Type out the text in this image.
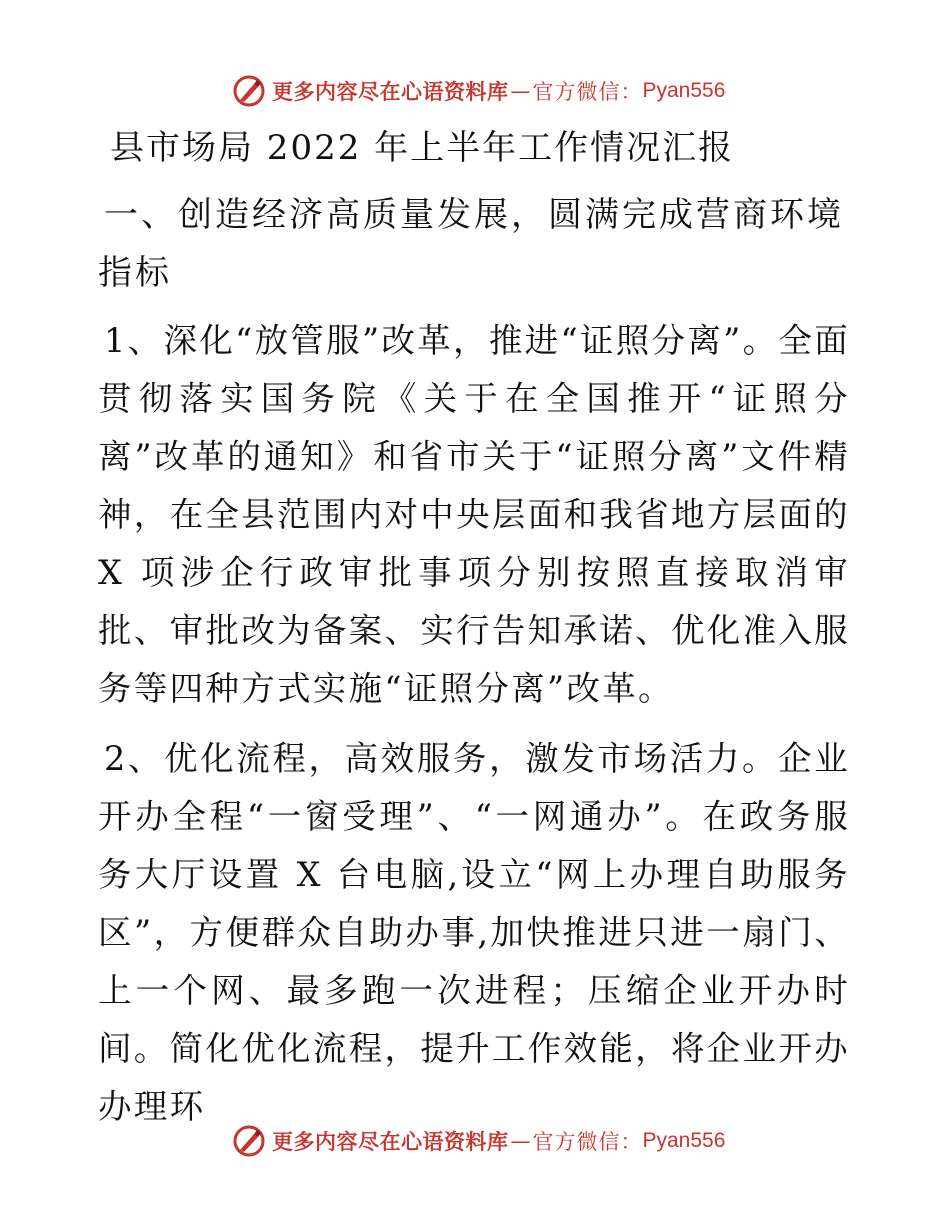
更多内容尽在心语资料库 — 官方微信： Pyan556
县市场局 2022 年上半年工作情况汇报
一、创造经济高质量发展，圆满完成营商环境指标

1、深化“放管服”改革，推进“证照分离”。全面贯彻落实国务院《关于在全国推开“证照分离”改革的通知》和省市关于“证照分离”文件精神，在全县范围内对中央层面和我省地方层面的 X 项涉企行政审批事项分别按照直接取消审批、审批改为备案、实行告知承诺、优化准入服务等四种方式实施“证照分离”改革。

2、优化流程，高效服务，激发市场活力。企业开办全程“一窗受理”、“一网通办”。在政务服务大厅设置 X 台电脑,设立“网上办理自助服务区”，方便群众自助办事,加快推进只进一扇门、上一个网、最多跑一次进程；压缩企业开办时间。简化优化流程，提升工作效能，将企业开办办理环

更多内容尽在心语资料库 — 官方微信： Pyan556
